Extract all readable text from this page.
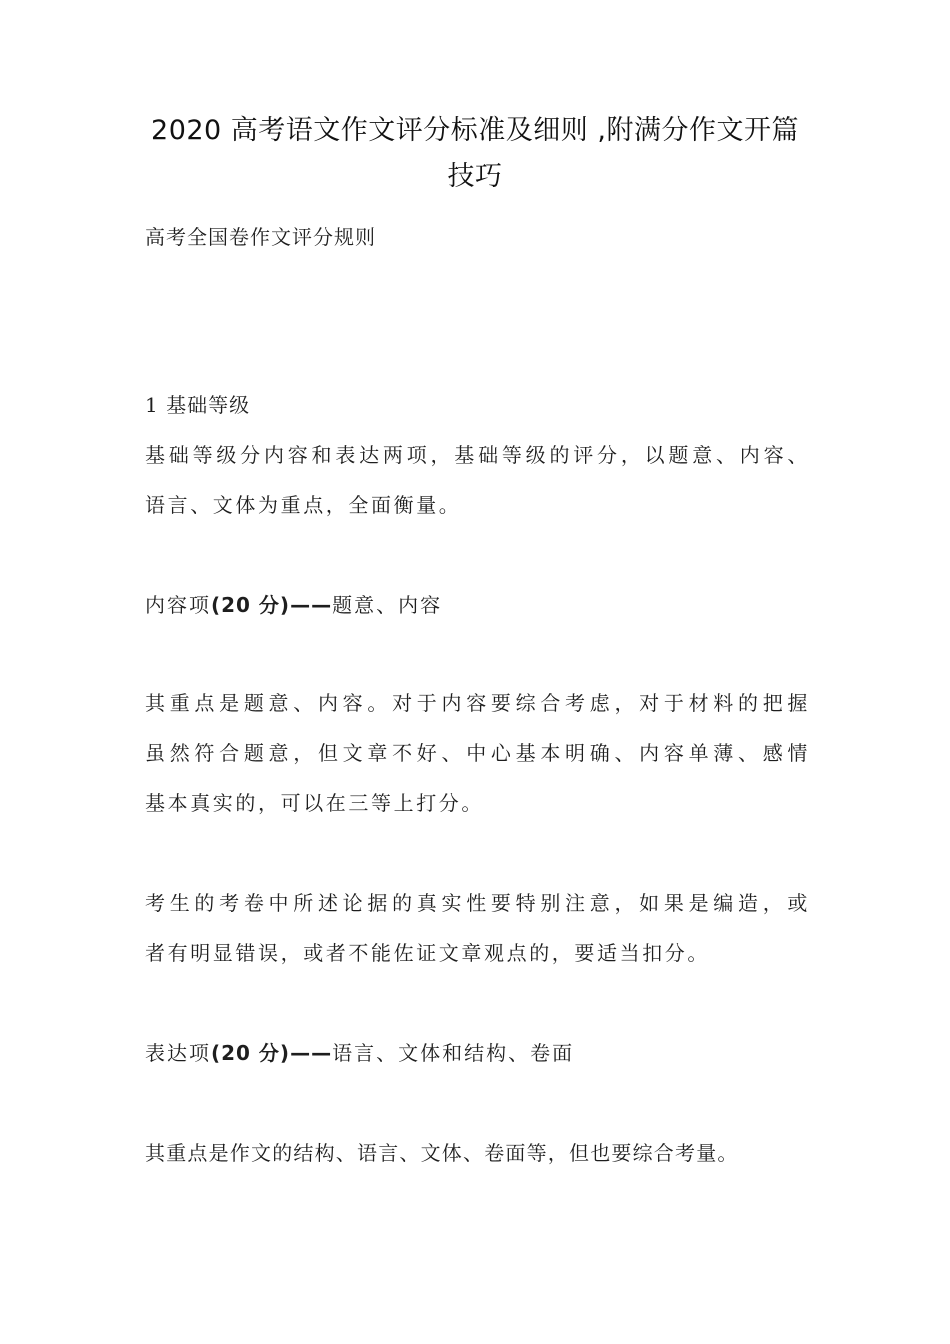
2020 高考语文作文评分标准及细则 ,附满分作文开篇技巧
高考全国卷作文评分规则
1 基础等级
基础等级分内容和表达两项，基础等级的评分，以题意、内容、
语言、文体为重点，全面衡量。
内容项(20 分)——题意、内容
其重点是题意、内容。对于内容要综合考虑，对于材料的把握
虽然符合题意，但文章不好、中心基本明确、内容单薄、感情
基本真实的，可以在三等上打分。
考生的考卷中所述论据的真实性要特别注意，如果是编造，或
者有明显错误，或者不能佐证文章观点的，要适当扣分。
表达项(20 分)——语言、文体和结构、卷面
其重点是作文的结构、语言、文体、卷面等，但也要综合考量。
